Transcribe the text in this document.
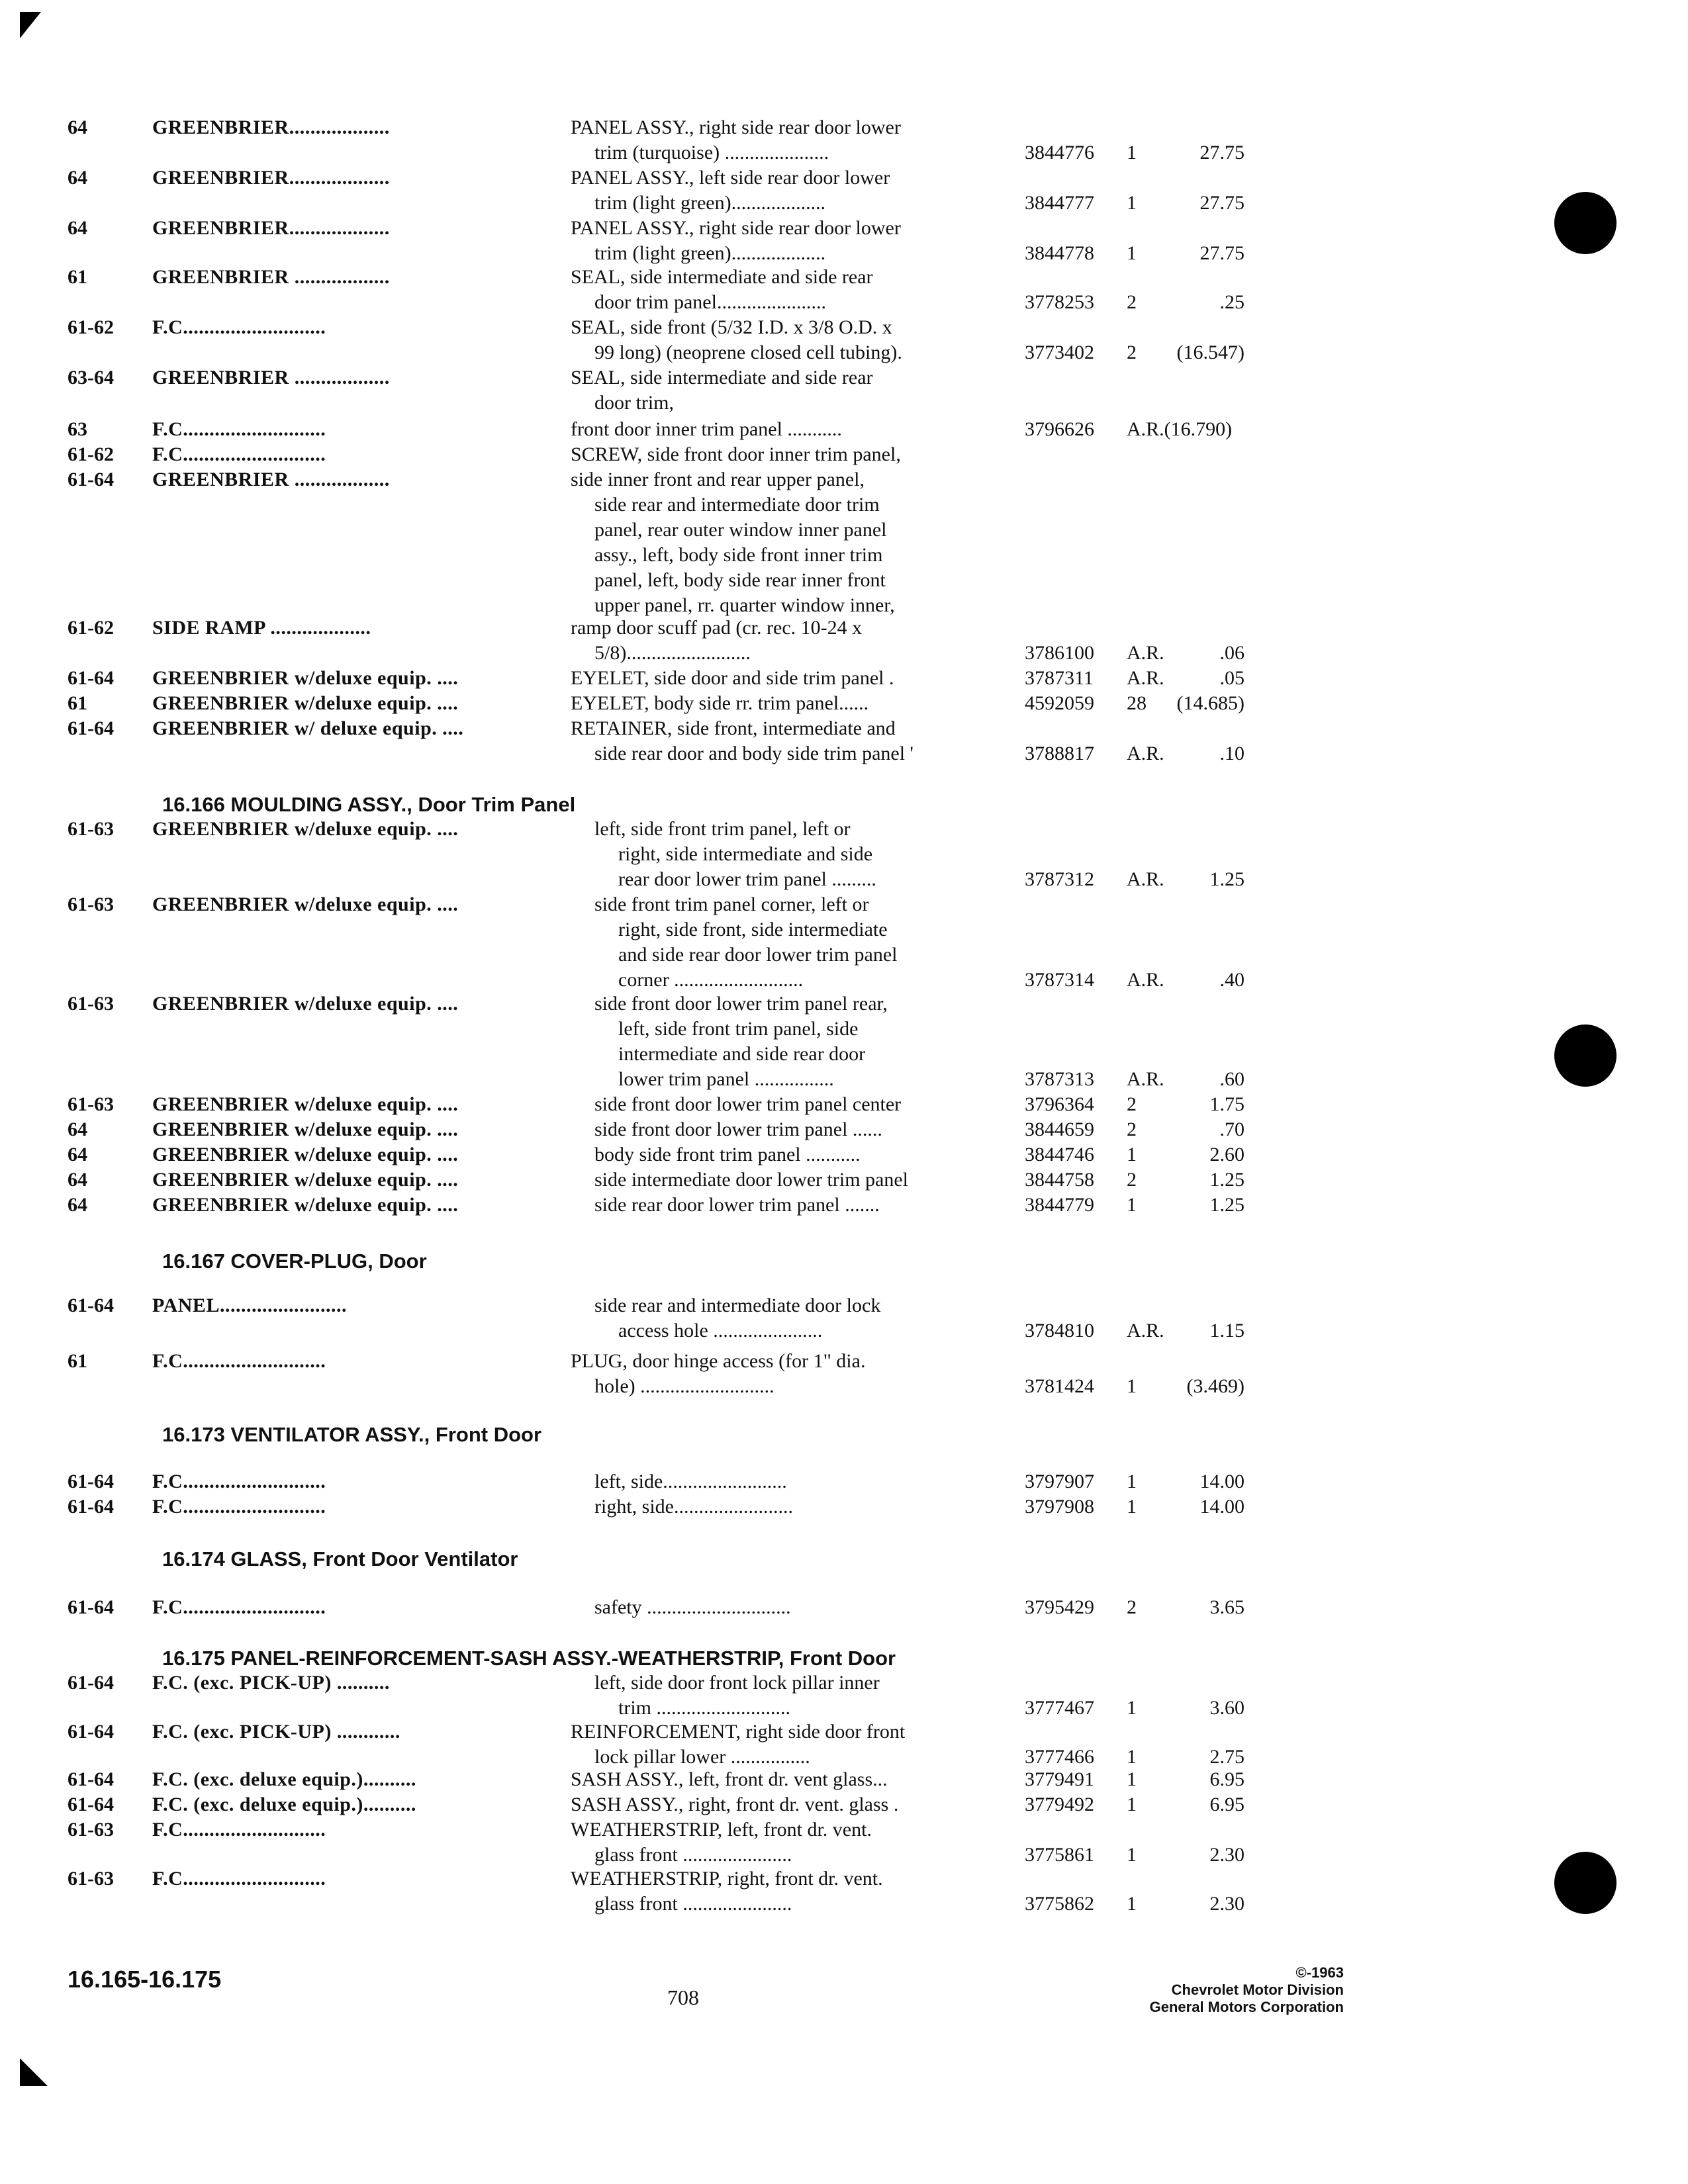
64	GREENBRIER...................	PANEL ASSY., right side rear door lower
trim (turquoise) .....................	3844776 1	27.75
64	GREENBRIER...................	PANEL ASSY., left side rear door lower
trim (light green)...................	3844777 1	27.75
64	GREENBRIER...................	PANEL ASSY., right side rear door lower
trim (light green)...................	3844778 1	27.75
61	GREENBRIER ..................	SEAL, side intermediate and side rear
door trim panel......................	3778253 2	.25
61-62 F.C...........................	SEAL, side front (5/32 I.D. x 3/8 O.D. x
99 long) (neoprene closed cell tubing).	3773402 2 (16.547)
63-64 GREENBRIER ..................	SEAL, side intermediate and side rear
door trim,
63	F.C...........................	front door inner trim panel ...........	3796626 A.R.(16.790)
61-62 F.C...........................	SCREW, side front door inner trim panel,
61-64 GREENBRIER ..................	side inner front and rear upper panel,
side rear and intermediate door trim
panel, rear outer window inner panel
assy., left, body side front inner trim
panel, left, body side rear inner front
upper panel, rr. quarter window inner,
61-62 SIDE RAMP ...................	ramp door scuff pad (cr. rec. 10-24 x
5/8).........................	3786100 A.R.	.06
61-64 GREENBRIER w/deluxe equip. ....	EYELET, side door and side trim panel .	3787311 A.R.	.05
61	GREENBRIER w/deluxe equip. ....	EYELET, body side rr. trim panel......	4592059 28 (14.685)
61-64 GREENBRIER w/ deluxe equip. ....	RETAINER, side front, intermediate and
side rear door and body side trim panel '	3788817 A.R.	.10
16.166 MOULDING ASSY., Door Trim Panel
61-63 GREENBRIER w/deluxe equip. ....	left, side front trim panel, left or
right, side intermediate and side
rear door lower trim panel .........	3787312 A.R. 1.25
61-63 GREENBRIER w/deluxe equip. ....	side front trim panel corner, left or
right, side front, side intermediate
and side rear door lower trim panel
corner ..........................	3787314 A.R.	.40
61-63 GREENBRIER w/deluxe equip. ....	side front door lower trim panel rear,
left, side front trim panel, side
intermediate and side rear door
lower trim panel ................	3787313 A.R.	.60
61-63 GREENBRIER w/deluxe equip. ....	side front door lower trim panel center	3796364 2	1.75
64	GREENBRIER w/deluxe equip. ....	side front door lower trim panel ......	3844659 2	.70
64	GREENBRIER w/deluxe equip. ....	body side front trim panel ...........	3844746 1	2.60
64	GREENBRIER w/deluxe equip. ....	side intermediate door lower trim panel	3844758 2	1.25
64	GREENBRIER w/deluxe equip. ....	side rear door lower trim panel .......	3844779 1	1.25
16.167 COVER-PLUG, Door
61-64 PANEL........................	side rear and intermediate door lock
access hole ......................	3784810 A.R. 1.15
61	F.C...........................	PLUG, door hinge access (for 1" dia.
hole) ...........................	3781424 1	(3.469)
16.173 VENTILATOR ASSY., Front Door
61-64 F.C...........................	left, side.........................	3797907 1	14.00
61-64 F.C...........................	right, side........................	3797908 1	14.00
16.174 GLASS, Front Door Ventilator
61-64 F.C...........................	safety .............................	3795429 2	3.65
16.175 PANEL-REINFORCEMENT-SASH ASSY.-WEATHERSTRIP, Front Door
61-64 F.C. (exc. PICK-UP) ..........	left, side door front lock pillar inner
trim ...........................	3777467 1	3.60
61-64 F.C. (exc. PICK-UP) ............	REINFORCEMENT, right side door front
lock pillar lower ................	3777466 1	2.75
61-64 F.C. (exc. deluxe equip.)..........	SASH ASSY., left, front dr. vent glass...	3779491 1	6.95
61-64 F.C. (exc. deluxe equip.)..........	SASH ASSY., right, front dr. vent. glass .	3779492 1	6.95
61-63 F.C...........................	WEATHERSTRIP, left, front dr. vent.
glass front ......................	3775861 1	2.30
61-63 F.C...........................	WEATHERSTRIP, right, front dr. vent.
glass front ......................	3775862 1	2.30
16.165-16.175
708
©-1963
Chevrolet Motor Division
General Motors Corporation
